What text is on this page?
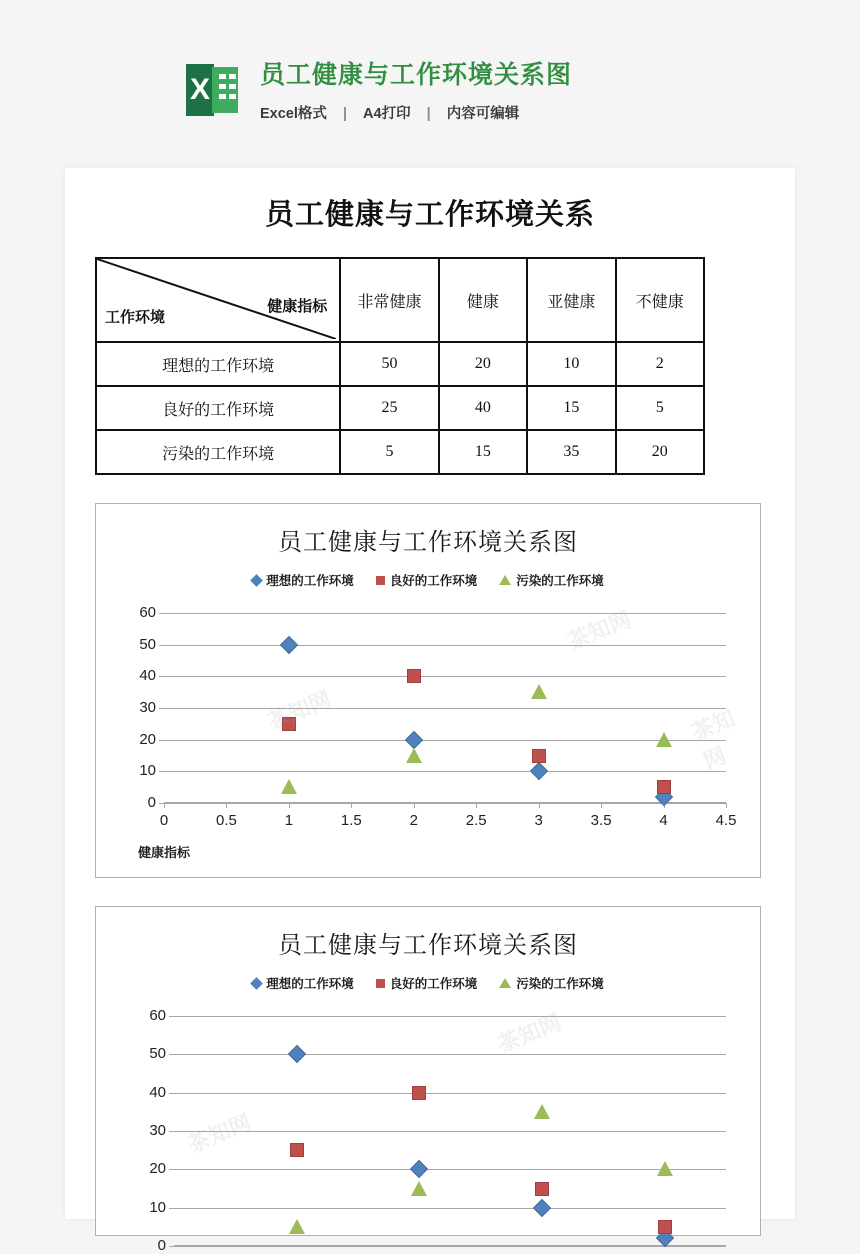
X 员工健康与工作环境关系图
Excel格式 | A4打印 | 内容可编辑
员工健康与工作环境关系
健康指标
工作环境	非常健康	健康	亚健康	不健康
理想的工作环境	50	20	10	2
良好的工作环境	25	40	15	5
污染的工作环境	5	15	35	20
员工健康与工作环境关系图
理想的工作环境	良好的工作环境	污染的工作环境
0
10
20
30
40
50
60
0	0.5	1	1.5	2	2.5	3	3.5	4	4.5
健康指标
茶知网
茶知网	茶知网
员工健康与工作环境关系图
理想的工作环境	良好的工作环境	污染的工作环境
0
10
20
30
40
50
60	茶知网
茶知网
